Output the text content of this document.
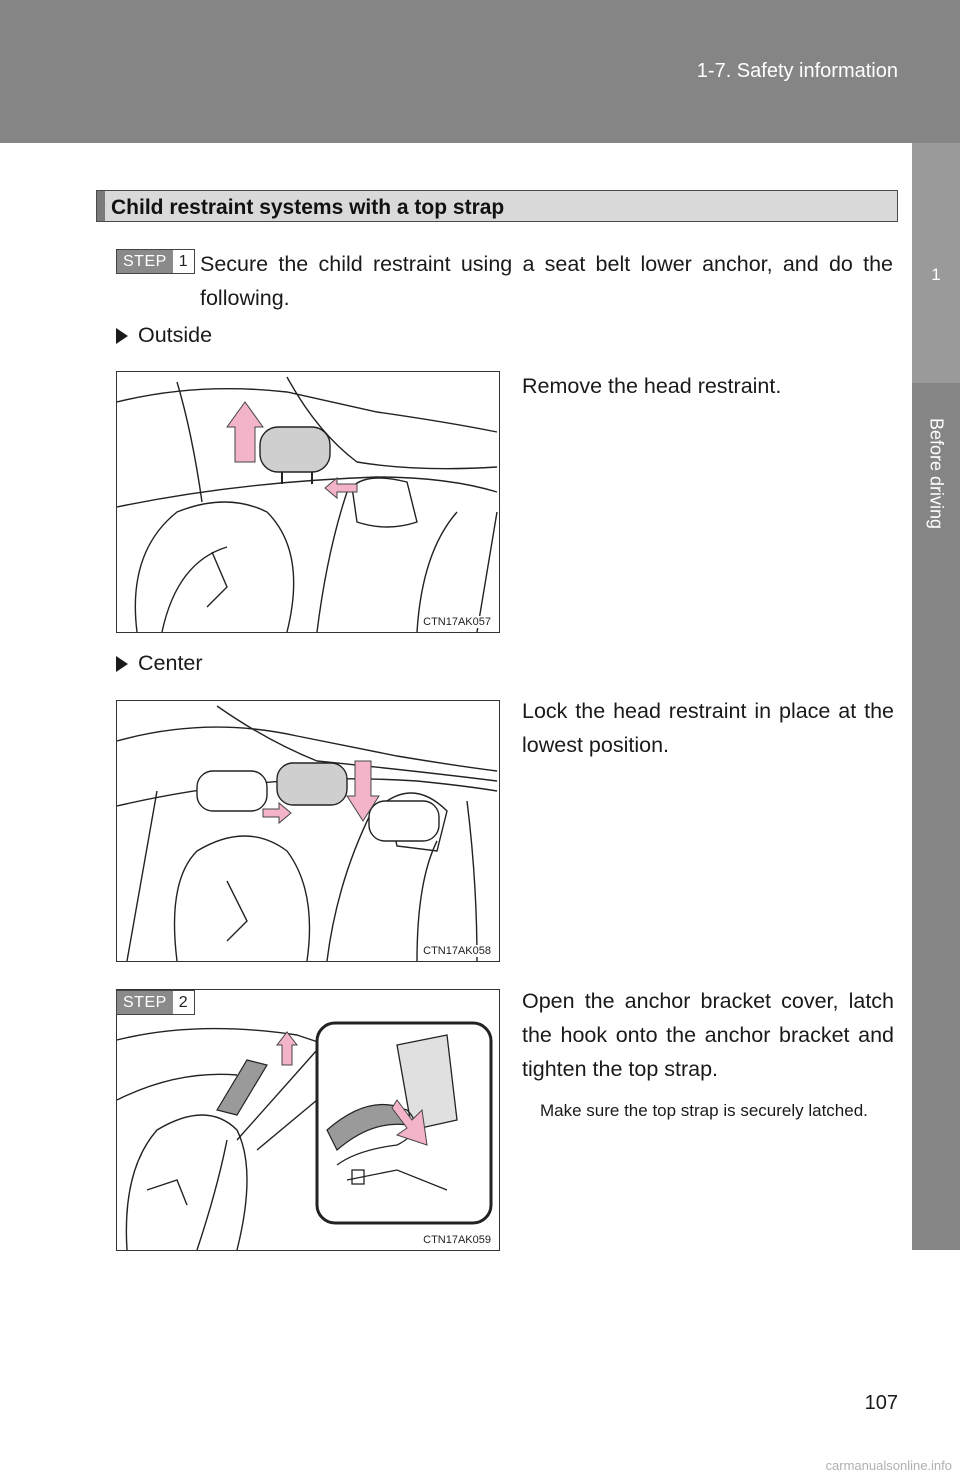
1-7. Safety information
1
Before driving
Child restraint systems with a top strap
STEP 1 Secure the child restraint using a seat belt lower anchor, and do the following.
Outside
Remove the head restraint.
CTN17AK057
Center
Lock the head restraint in place at the lowest position.
CTN17AK058
CTN17AK059
STEP 2	Open the anchor bracket cover, latch the hook onto the anchor bracket and tighten the top strap.
Make sure the top strap is securely latched.
107
carmanualsonline.info
